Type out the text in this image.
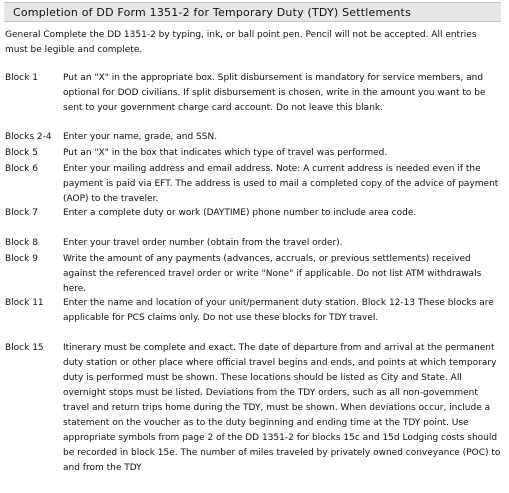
Completion of DD Form 1351-2 for Temporary Duty (TDY) Settlements
General Complete the DD 1351-2 by typing, ink, or ball point pen. Pencil will not be accepted. All entries must be legible and complete.
Block 1	Put an "X" in the appropriate box. Split disbursement is mandatory for service members, and optional for DOD civilians. If split disbursement is chosen, write in the amount you want to be sent to your government charge card account. Do not leave this blank.
Blocks 2-4	Enter your name, grade, and SSN.
Block 5	Put an "X" in the box that indicates which type of travel was performed.
Block 6	Enter your mailing address and email address. Note: A current address is needed even if the payment is paid via EFT. The address is used to mail a completed copy of the advice of payment (AOP) to the traveler.
Block 7	Enter a complete duty or work (DAYTIME) phone number to include area code.
Block 8	Enter your travel order number (obtain from the travel order).
Block 9	Write the amount of any payments (advances, accruals, or previous settlements) received against the referenced travel order or write "None" if applicable. Do not list ATM withdrawals here.
Block 11	Enter the name and location of your unit/permanent duty station. Block 12-13 These blocks are applicable for PCS claims only. Do not use these blocks for TDY travel.
Block 15	Itinerary must be complete and exact. The date of departure from and arrival at the permanent duty station or other place where official travel begins and ends, and points at which temporary duty is performed must be shown. These locations should be listed as City and State. All overnight stops must be listed. Deviations from the TDY orders, such as all non-government travel and return trips home during the TDY, must be shown. When deviations occur, include a statement on the voucher as to the duty beginning and ending time at the TDY point. Use appropriate symbols from page 2 of the DD 1351-2 for blocks 15c and 15d Lodging costs should be recorded in block 15e. The number of miles traveled by privately owned conveyance (POC) to and from the TDY
